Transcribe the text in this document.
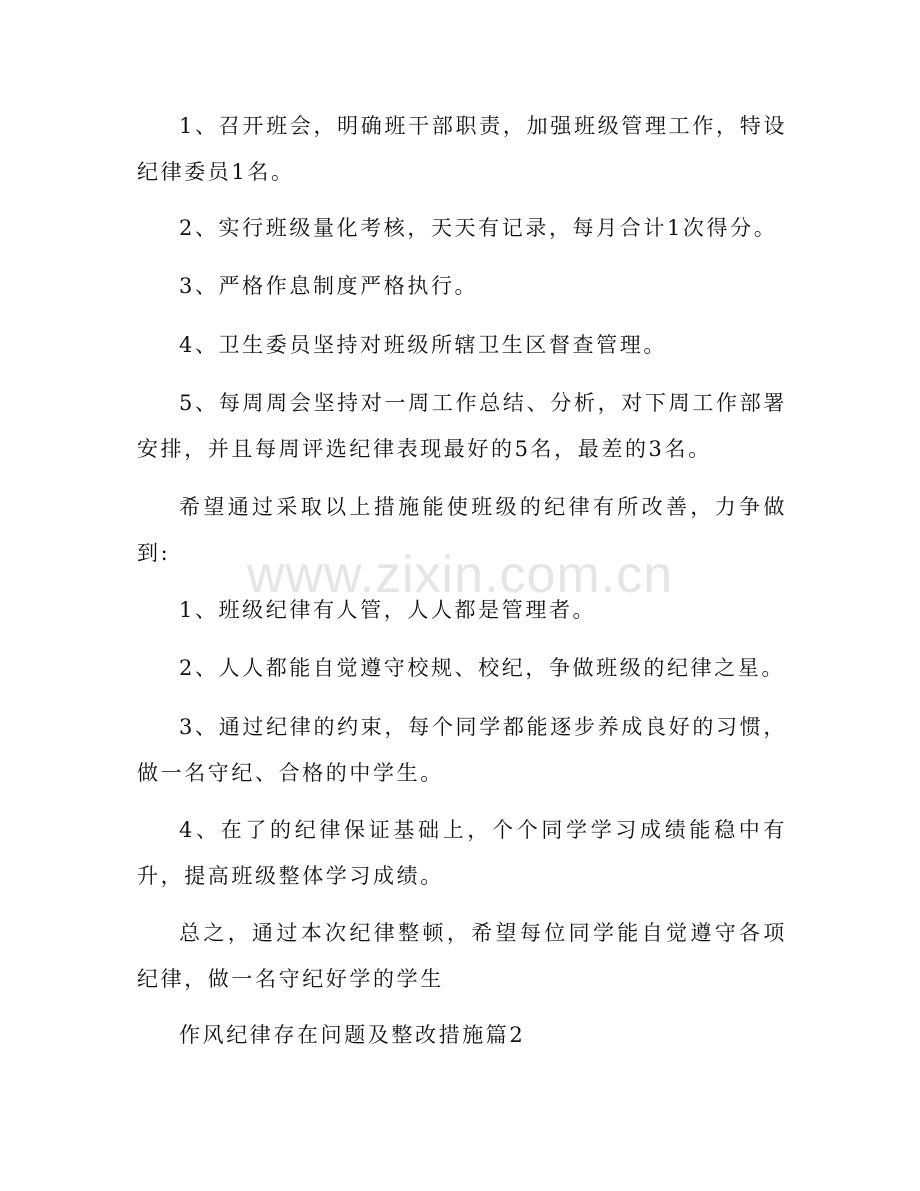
1、召开班会，明确班干部职责，加强班级管理工作，特设纪律委员1名。

2、实行班级量化考核，天天有记录，每月合计1次得分。

3、严格作息制度严格执行。

4、卫生委员坚持对班级所辖卫生区督查管理。

5、每周周会坚持对一周工作总结、分析，对下周工作部署安排，并且每周评选纪律表现最好的5名，最差的3名。

希望通过采取以上措施能使班级的纪律有所改善，力争做到:

1、班级纪律有人管，人人都是管理者。

2、人人都能自觉遵守校规、校纪，争做班级的纪律之星。

3、通过纪律的约束，每个同学都能逐步养成良好的习惯，做一名守纪、合格的中学生。

4、在了的纪律保证基础上，个个同学学习成绩能稳中有升，提高班级整体学习成绩。

总之，通过本次纪律整顿，希望每位同学能自觉遵守各项纪律，做一名守纪好学的学生

作风纪律存在问题及整改措施篇2

www.zixin.com.cn
